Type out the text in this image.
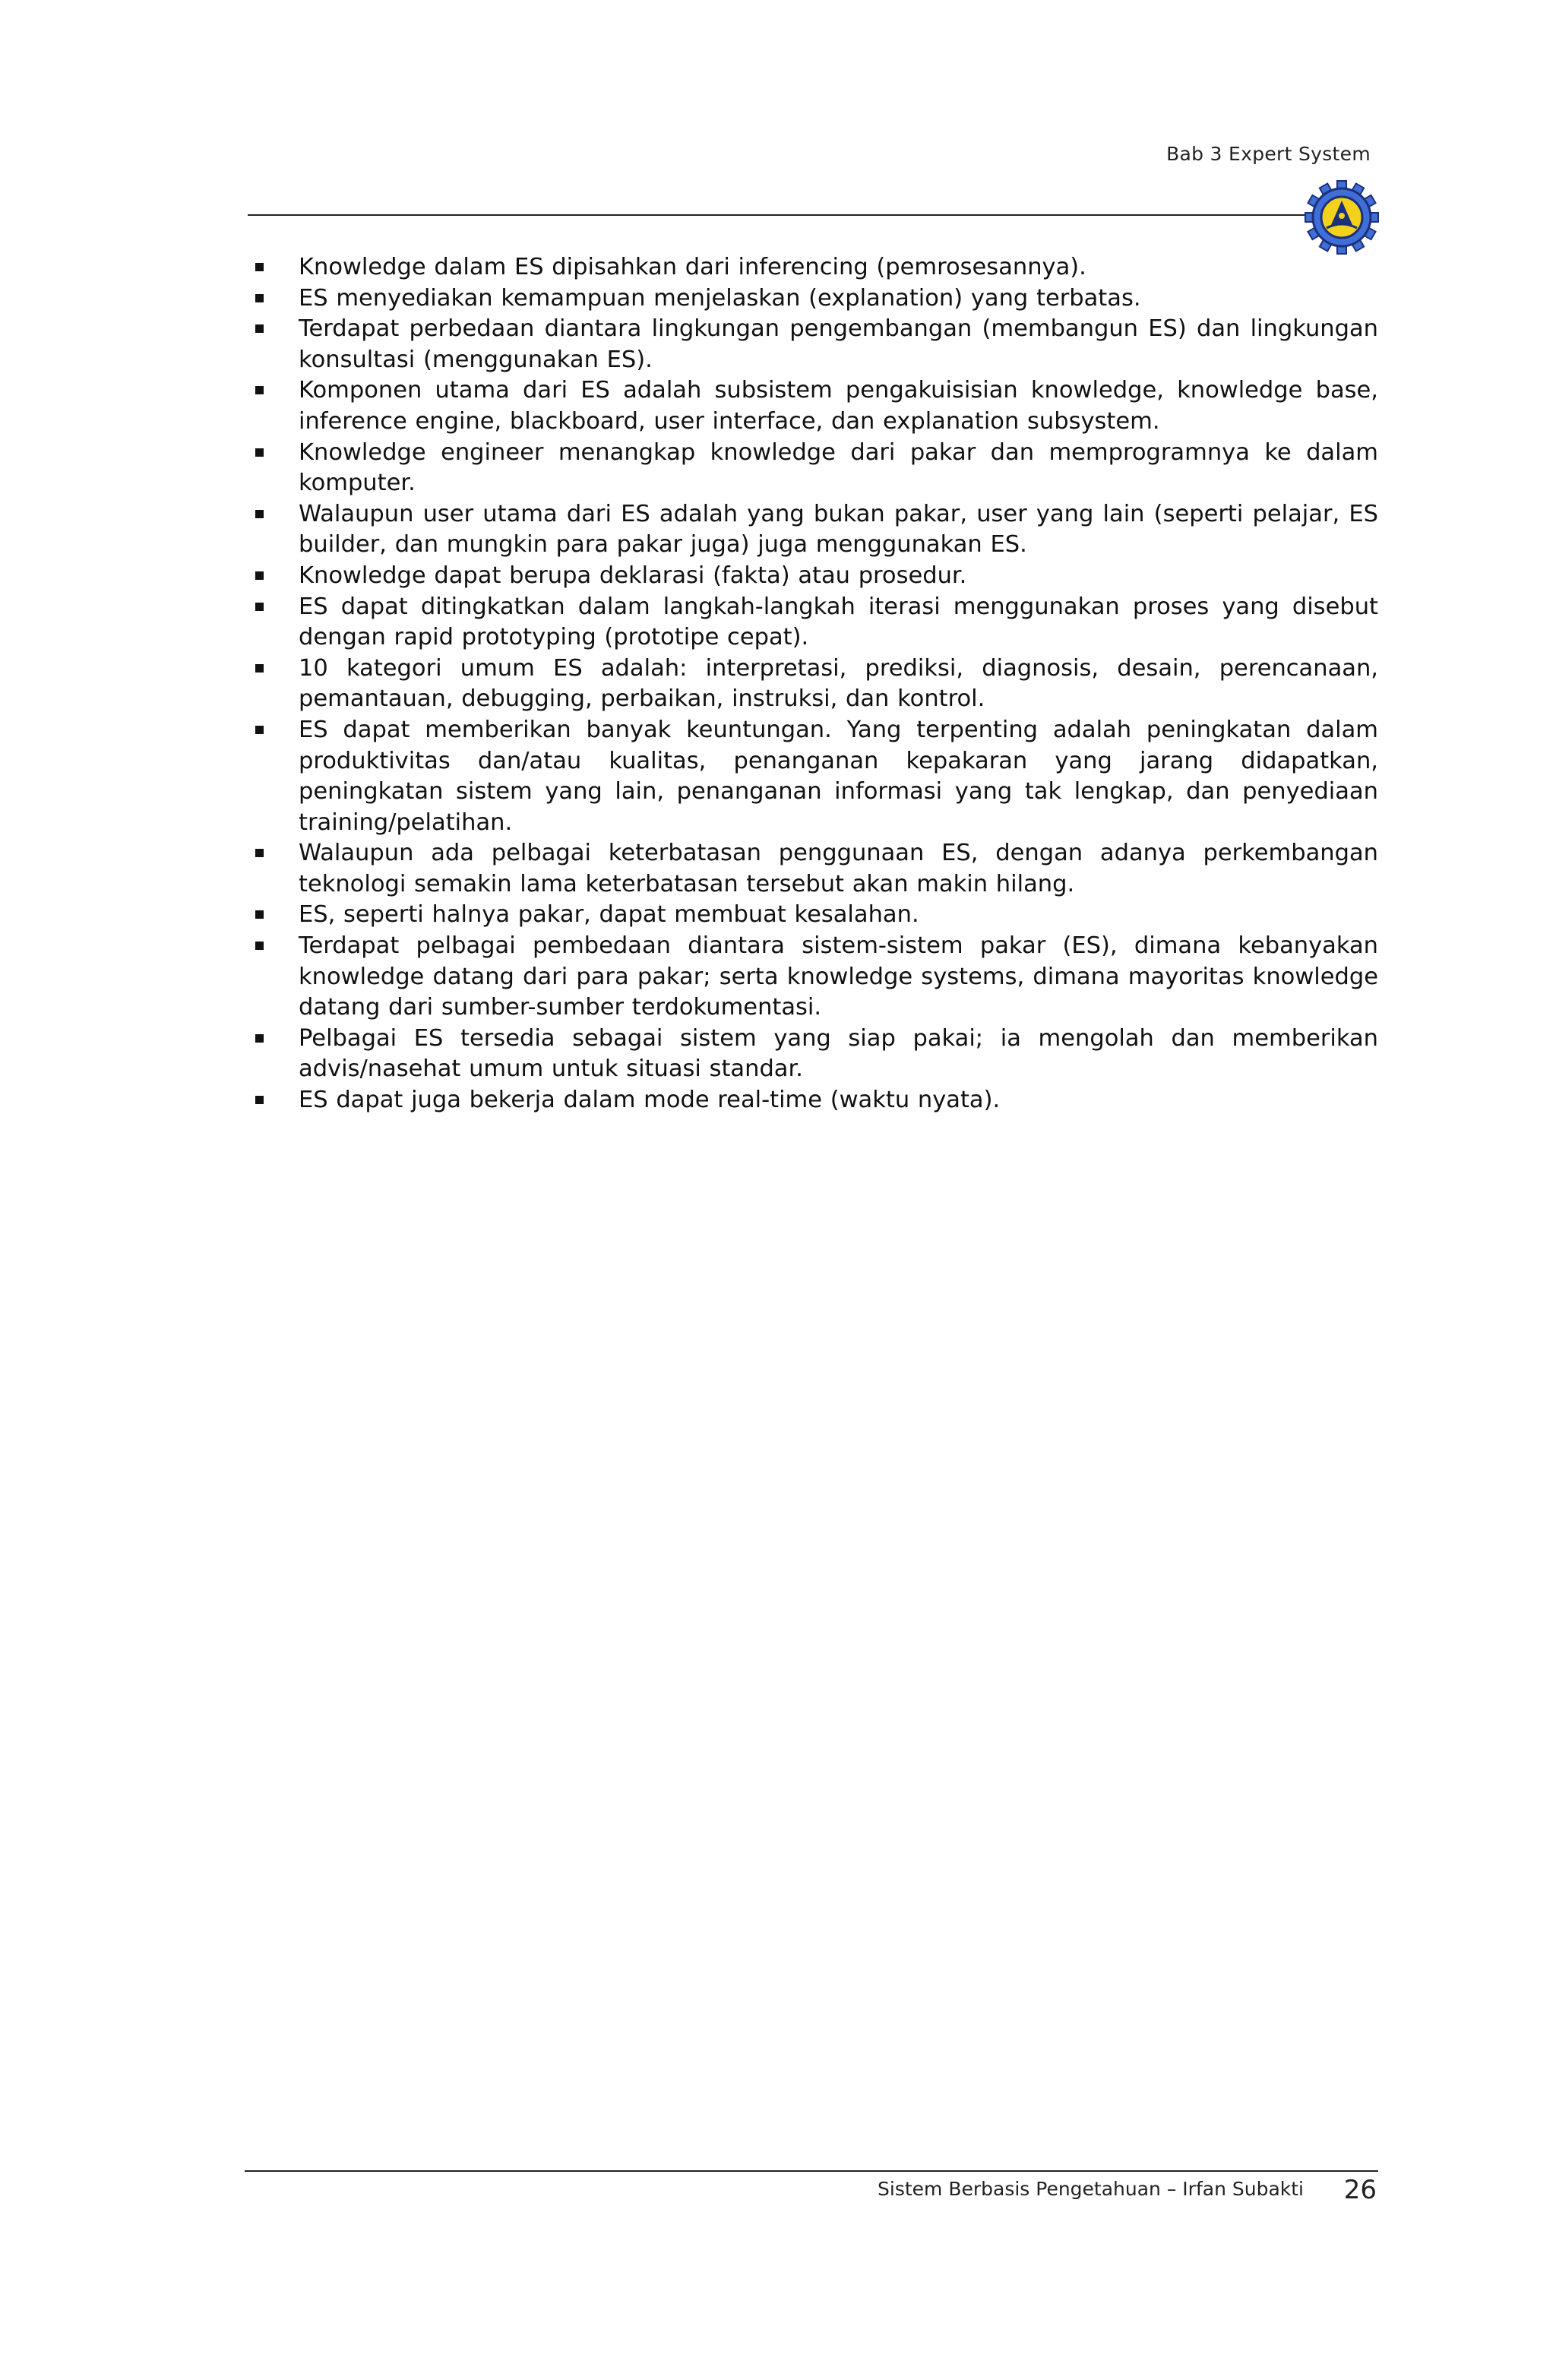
Bab 3 Expert System
Knowledge dalam ES dipisahkan dari inferencing (pemrosesannya).
ES menyediakan kemampuan menjelaskan (explanation) yang terbatas.
Terdapat perbedaan diantara lingkungan pengembangan (membangun ES) dan lingkungan konsultasi (menggunakan ES).
Komponen utama dari ES adalah subsistem pengakuisisian knowledge, knowledge base, inference engine, blackboard, user interface, dan explanation subsystem.
Knowledge engineer menangkap knowledge dari pakar dan memprogramnya ke dalam komputer.
Walaupun user utama dari ES adalah yang bukan pakar, user yang lain (seperti pelajar, ES builder, dan mungkin para pakar juga) juga menggunakan ES.
Knowledge dapat berupa deklarasi (fakta) atau prosedur.
ES dapat ditingkatkan dalam langkah-langkah iterasi menggunakan proses yang disebut dengan rapid prototyping (prototipe cepat).
10 kategori umum ES adalah: interpretasi, prediksi, diagnosis, desain, perencanaan, pemantauan, debugging, perbaikan, instruksi, dan kontrol.
ES dapat memberikan banyak keuntungan. Yang terpenting adalah peningkatan dalam produktivitas dan/atau kualitas, penanganan kepakaran yang jarang didapatkan, peningkatan sistem yang lain, penanganan informasi yang tak lengkap, dan penyediaan training/pelatihan.
Walaupun ada pelbagai keterbatasan penggunaan ES, dengan adanya perkembangan teknologi semakin lama keterbatasan tersebut akan makin hilang.
ES, seperti halnya pakar, dapat membuat kesalahan.
Terdapat pelbagai pembedaan diantara sistem-sistem pakar (ES), dimana kebanyakan knowledge datang dari para pakar; serta knowledge systems, dimana mayoritas knowledge datang dari sumber-sumber terdokumentasi.
Pelbagai ES tersedia sebagai sistem yang siap pakai; ia mengolah dan memberikan advis/nasehat umum untuk situasi standar.
ES dapat juga bekerja dalam mode real-time (waktu nyata).
Sistem Berbasis Pengetahuan – Irfan Subakti 26
